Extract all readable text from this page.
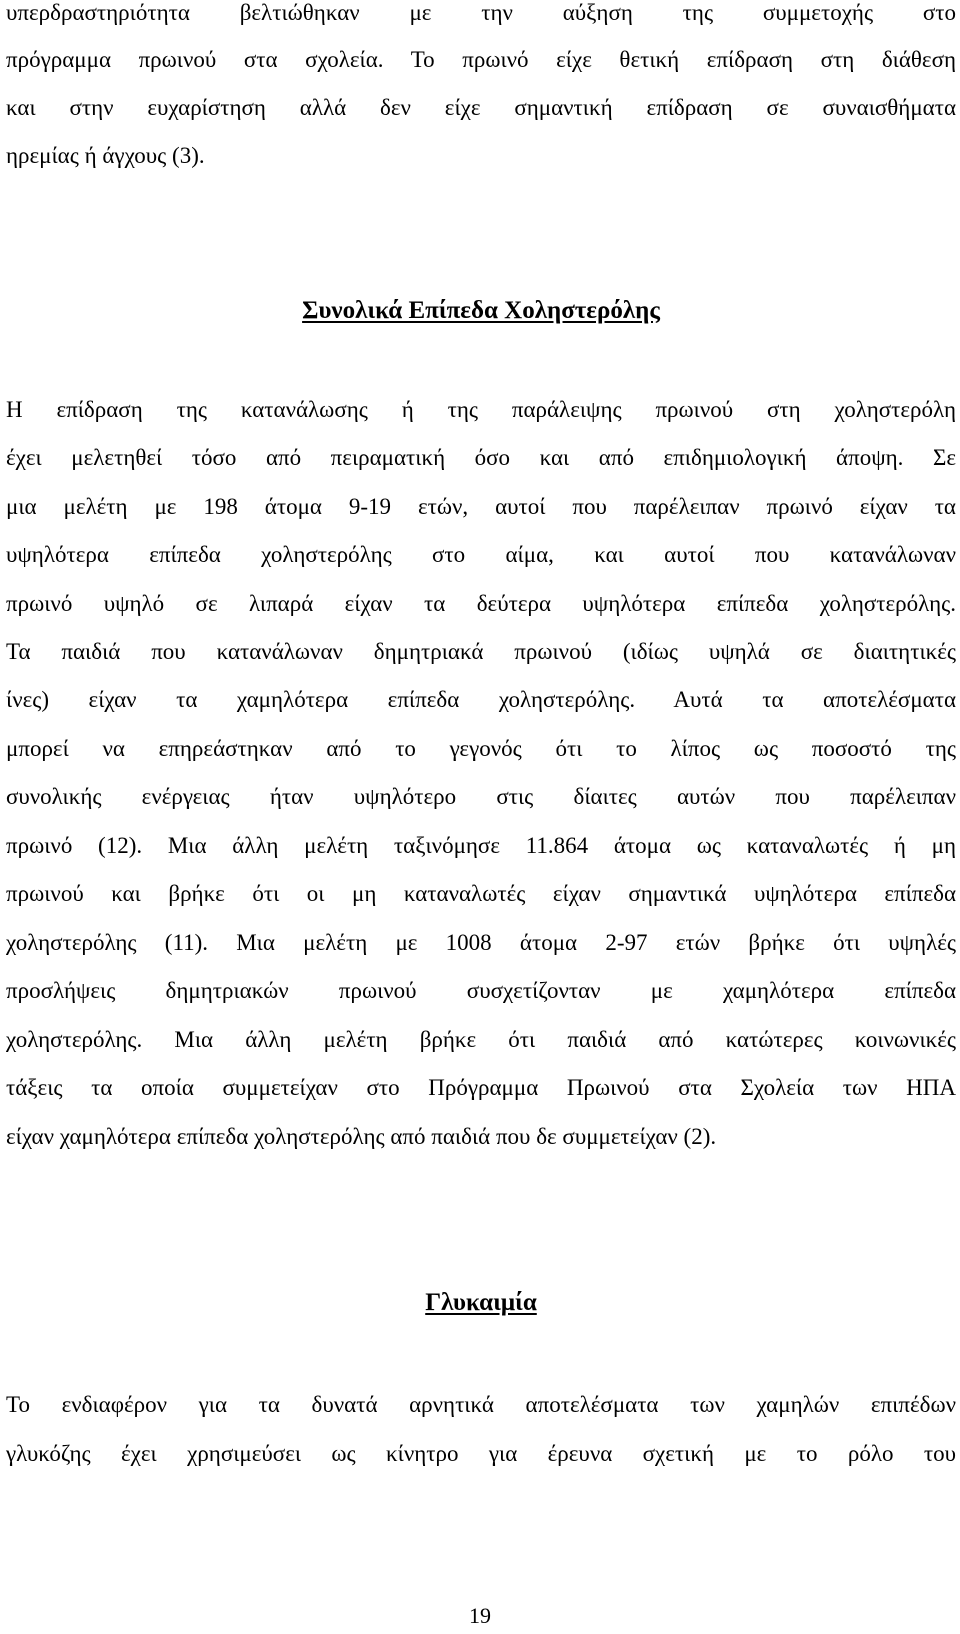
υπερδραστηριότητα βελτιώθηκαν με την αύξηση της συμμετοχής στο
πρόγραμμα πρωινού στα σχολεία. Το πρωινό είχε θετική επίδραση στη διάθεση
και στην ευχαρίστηση αλλά δεν είχε σημαντική επίδραση σε συναισθήματα
ηρεμίας ή άγχους (3).
Συνολικά Επίπεδα Χοληστερόλης
Η επίδραση της κατανάλωσης ή της παράλειψης πρωινού στη χοληστερόλη
έχει μελετηθεί τόσο από πειραματική όσο και από επιδημιολογική άποψη. Σε
μια μελέτη με 198 άτομα 9-19 ετών, αυτοί που παρέλειπαν πρωινό είχαν τα
υψηλότερα επίπεδα χοληστερόλης στο αίμα, και αυτοί που κατανάλωναν
πρωινό υψηλό σε λιπαρά είχαν τα δεύτερα υψηλότερα επίπεδα χοληστερόλης.
Τα παιδιά που κατανάλωναν δημητριακά πρωινού (ιδίως υψηλά σε διαιτητικές
ίνες) είχαν τα χαμηλότερα επίπεδα χοληστερόλης. Αυτά τα αποτελέσματα
μπορεί να επηρεάστηκαν από το γεγονός ότι το λίπος ως ποσοστό της
συνολικής ενέργειας ήταν υψηλότερο στις δίαιτες αυτών που παρέλειπαν
πρωινό (12). Μια άλλη μελέτη ταξινόμησε 11.864 άτομα ως καταναλωτές ή μη
πρωινού και βρήκε ότι οι μη καταναλωτές είχαν σημαντικά υψηλότερα επίπεδα
χοληστερόλης (11). Μια μελέτη με 1008 άτομα 2-97 ετών βρήκε ότι υψηλές
προσλήψεις δημητριακών πρωινού συσχετίζονταν με χαμηλότερα επίπεδα
χοληστερόλης. Μια άλλη μελέτη βρήκε ότι παιδιά από κατώτερες κοινωνικές
τάξεις τα οποία συμμετείχαν στο Πρόγραμμα Πρωινού στα Σχολεία των ΗΠΑ
είχαν χαμηλότερα επίπεδα χοληστερόλης από παιδιά που δε συμμετείχαν (2).
Γλυκαιμία
Το ενδιαφέρον για τα δυνατά αρνητικά αποτελέσματα των χαμηλών επιπέδων
γλυκόζης έχει χρησιμεύσει ως κίνητρο για έρευνα σχετική με το ρόλο του
19
